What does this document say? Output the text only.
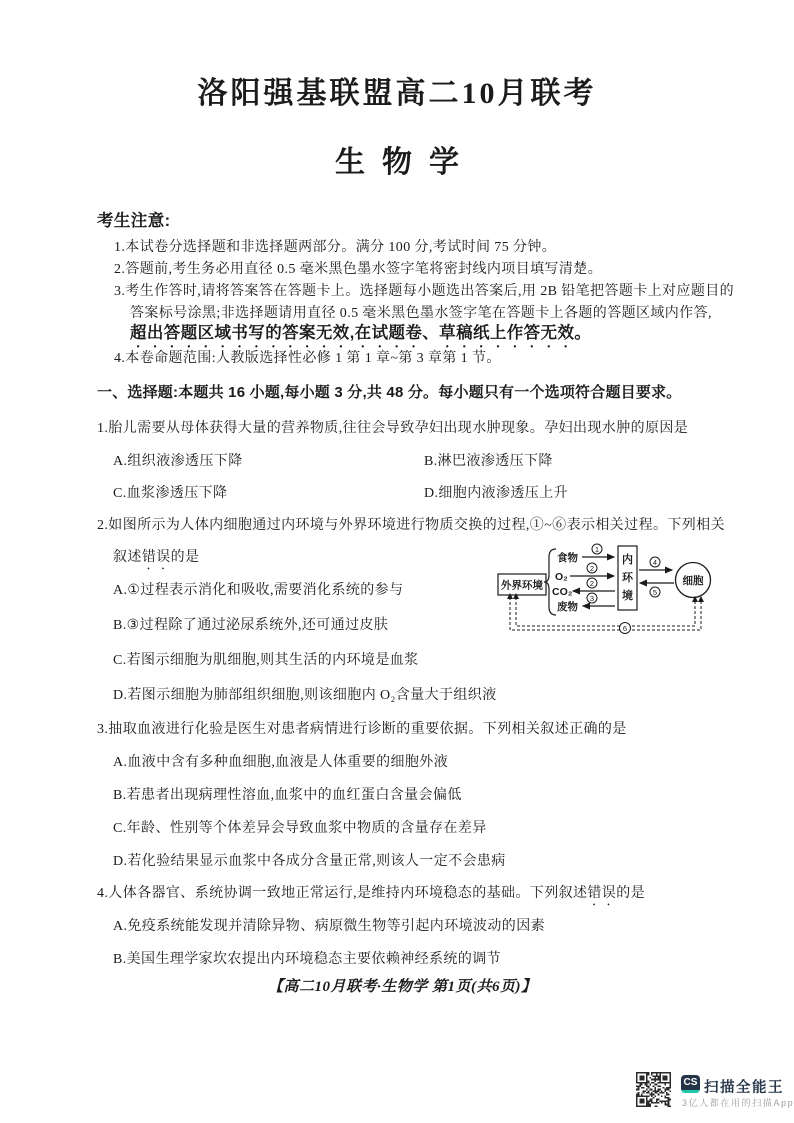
洛阳强基联盟高二10月联考
生物学
考生注意:
1.本试卷分选择题和非选择题两部分。满分 100 分,考试时间 75 分钟。
2.答题前,考生务必用直径 0.5 毫米黑色墨水签字笔将密封线内项目填写清楚。
3.考生作答时,请将答案答在答题卡上。选择题每小题选出答案后,用 2B 铅笔把答题卡上对应题目的
答案标号涂黑;非选择题请用直径 0.5 毫米黑色墨水签字笔在答题卡上各题的答题区域内作答,
超出答题区域书写的答案无效,在试题卷、草稿纸上作答无效。
4.本卷命题范围:人教版选择性必修 1 第 1 章~第 3 章第 1 节。
一、选择题:本题共 16 小题,每小题 3 分,共 48 分。每小题只有一个选项符合题目要求。
1.胎儿需要从母体获得大量的营养物质,往往会导致孕妇出现水肿现象。孕妇出现水肿的原因是
A.组织液渗透压下降	B.淋巴液渗透压下降
C.血浆渗透压下降	D.细胞内液渗透压上升
2.如图所示为人体内细胞通过内环境与外界环境进行物质交换的过程,①~⑥表示相关过程。下列相关
叙述错误的是
A.①过程表示消化和吸收,需要消化系统的参与
B.③过程除了通过泌尿系统外,还可通过皮肤
C.若图示细胞为肌细胞,则其生活的内环境是血浆
D.若图示细胞为肺部组织细胞,则该细胞内 O₂含量大于组织液
外界环境
食物
O₂
CO₂
废物
1
2
2
3
内
环
境
4
5
细胞
6
3.抽取血液进行化验是医生对患者病情进行诊断的重要依据。下列相关叙述正确的是
A.血液中含有多种血细胞,血液是人体重要的细胞外液
B.若患者出现病理性溶血,血浆中的血红蛋白含量会偏低
C.年龄、性别等个体差异会导致血浆中物质的含量存在差异
D.若化验结果显示血浆中各成分含量正常,则该人一定不会患病
4.人体各器官、系统协调一致地正常运行,是维持内环境稳态的基础。下列叙述错误的是
A.免疫系统能发现并清除异物、病原微生物等引起内环境波动的因素
B.美国生理学家坎农提出内环境稳态主要依赖神经系统的调节
【高二10月联考·生物学 第1页(共6页)】
CS 扫描全能王
3亿人都在用的扫描App
